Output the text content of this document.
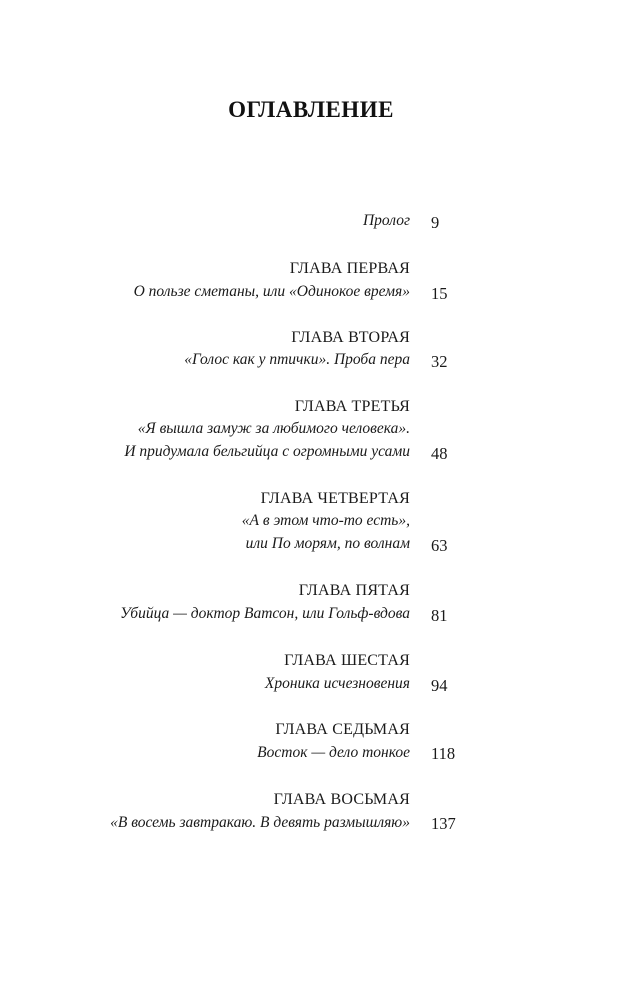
ОГЛАВЛЕНИЕ
Пролог 9
ГЛАВА ПЕРВАЯ
О пользе сметаны, или «Одинокое время» 15
ГЛАВА ВТОРАЯ
«Голос как у птички». Проба пера 32
ГЛАВА ТРЕТЬЯ
«Я вышла замуж за любимого человека».
И придумала бельгийца с огромными усами 48
ГЛАВА ЧЕТВЕРТАЯ
«А в этом что-то есть»,
или По морям, по волнам 63
ГЛАВА ПЯТАЯ
Убийца — доктор Ватсон, или Гольф-вдова 81
ГЛАВА ШЕСТАЯ
Хроника исчезновения 94
ГЛАВА СЕДЬМАЯ
Восток — дело тонкое 118
ГЛАВА ВОСЬМАЯ
«В восемь завтракаю. В девять размышляю» 137
